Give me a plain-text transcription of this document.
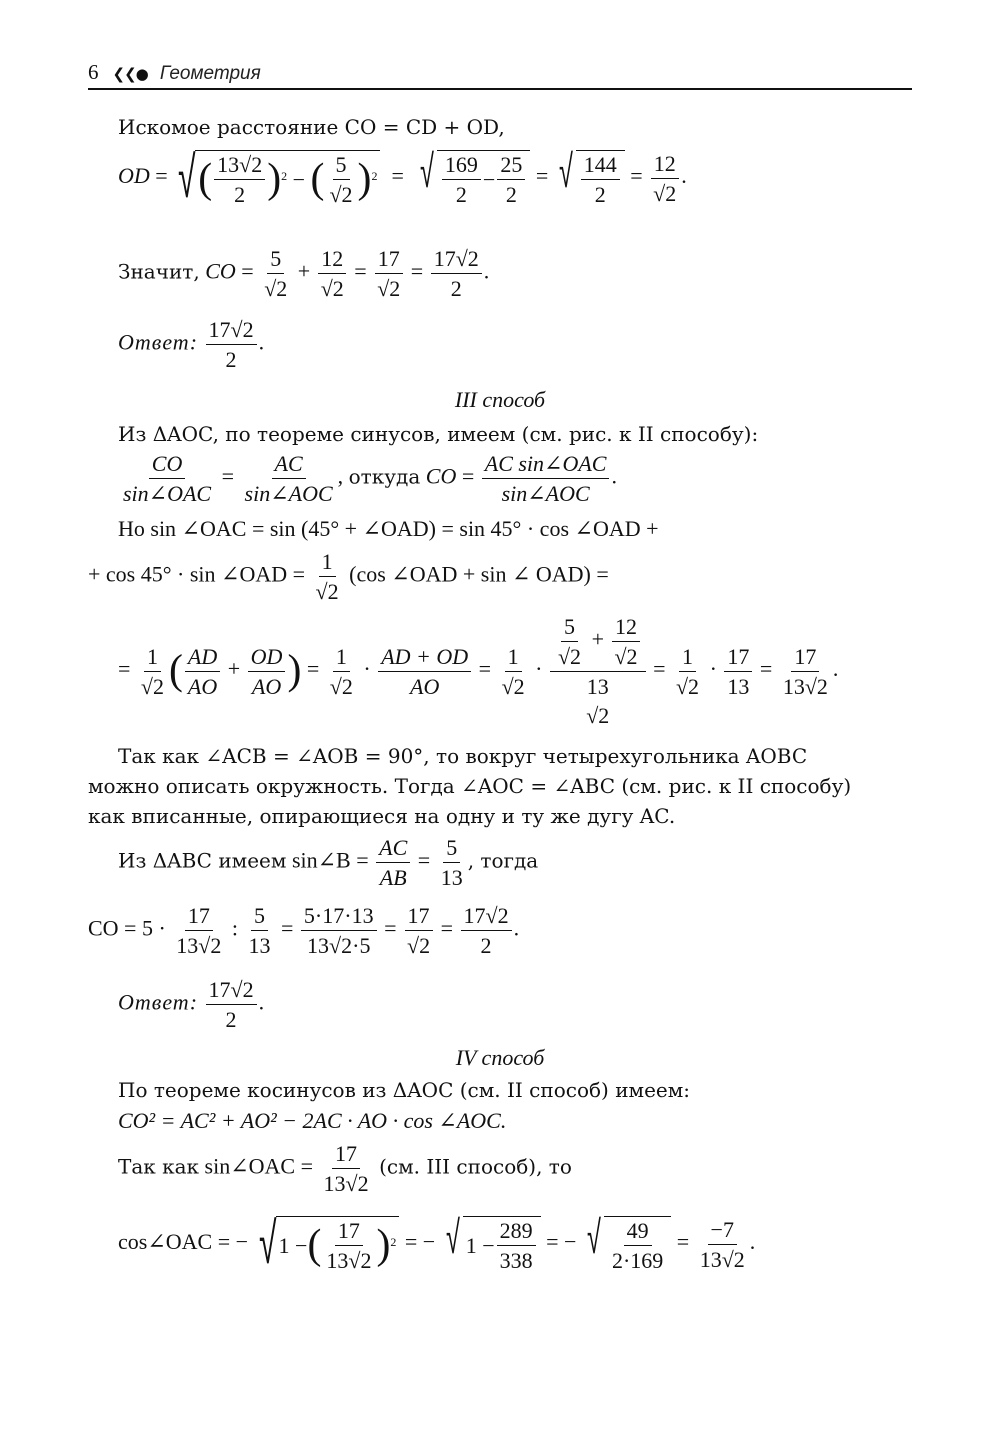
6 ❮❮● Геометрия
Искомое расстояние CO = CD + OD,
OD = √ ( $\frac{13√2}{2}$ ) 2 − ( $\frac{5}{√2}$ ) 2 = √ $\frac{169}{2} - \frac{25}{2}$ = √ $\frac{144}{2} = \frac{12}{√2}$ .
Значит, CO = $\frac{5}{√2} + \frac{12}{√2} = \frac{17}{√2} = \frac{17√2}{2}$ .
Ответ: $\frac{17√2}{2}$ .
III способ
Из ΔAOC, по теореме синусов, имеем (см. рис. к II способу):
$\frac{CO}{\text{sin∠OAC}} = \frac{AC}{\text{sin∠AOC}}$ , откуда CO = $\frac{\text{AC sin∠OAC}}{\text{sin∠AOC}}$ .
Но sin ∠OAC = sin (45° + ∠OAD) = sin 45° · cos ∠OAD +
+ cos 45° · sin ∠OAD = $\frac{1}{√2} (\cos$ ∠OAD + sin ∠ OAD) =
= $\frac{1}{√2}$ ( $\frac{AD}{AO} + \frac{OD}{AO}$ ) = $\frac{1}{√2} \cdot \frac{AD + OD}{AO} = \frac{1}{√2} \cdot \frac{5}{√2} + \frac{12}{√2}$
13
$√2 = \frac{1}{√2} \cdot \frac{17}{13} = \frac{17}{13√2}$ .
Так как ∠ACB = ∠AOB = 90°, то вокруг четырехугольника AOBC
можно описать окружность. Тогда ∠AOC = ∠ABC (см. рис. к II способу)
как вписанные, опирающиеся на одну и ту же дугу AC.
Из ΔABC имеем sin∠B = $\frac{AC}{AB} = \frac{5}{13}$ , тогда
CO = $5 \cdot \frac{17}{13√2}$ : $\frac{5}{13} = \frac{5\cdot 17\cdot 13}{13√2\cdot 5} = \frac{17}{√2} = \frac{17√2}{2}$ .
Ответ: $\frac{17√2}{2}$ .
IV способ
По теореме косинусов из ΔAOC (см. II способ) имеем:
CO² = AC² + AO² − 2AC · AO · cos ∠AOC.
Так как sin∠OAC = $\frac{17}{13√2} (см$. III способ), то
cos∠OAC = − √ 1 − ( $\frac{17}{13√2}$ ) 2 = − √ $1 - \frac{289}{338}$ = − √ $\frac{49}{2\cdot 169} = \frac{-7}{13√2}$ .
